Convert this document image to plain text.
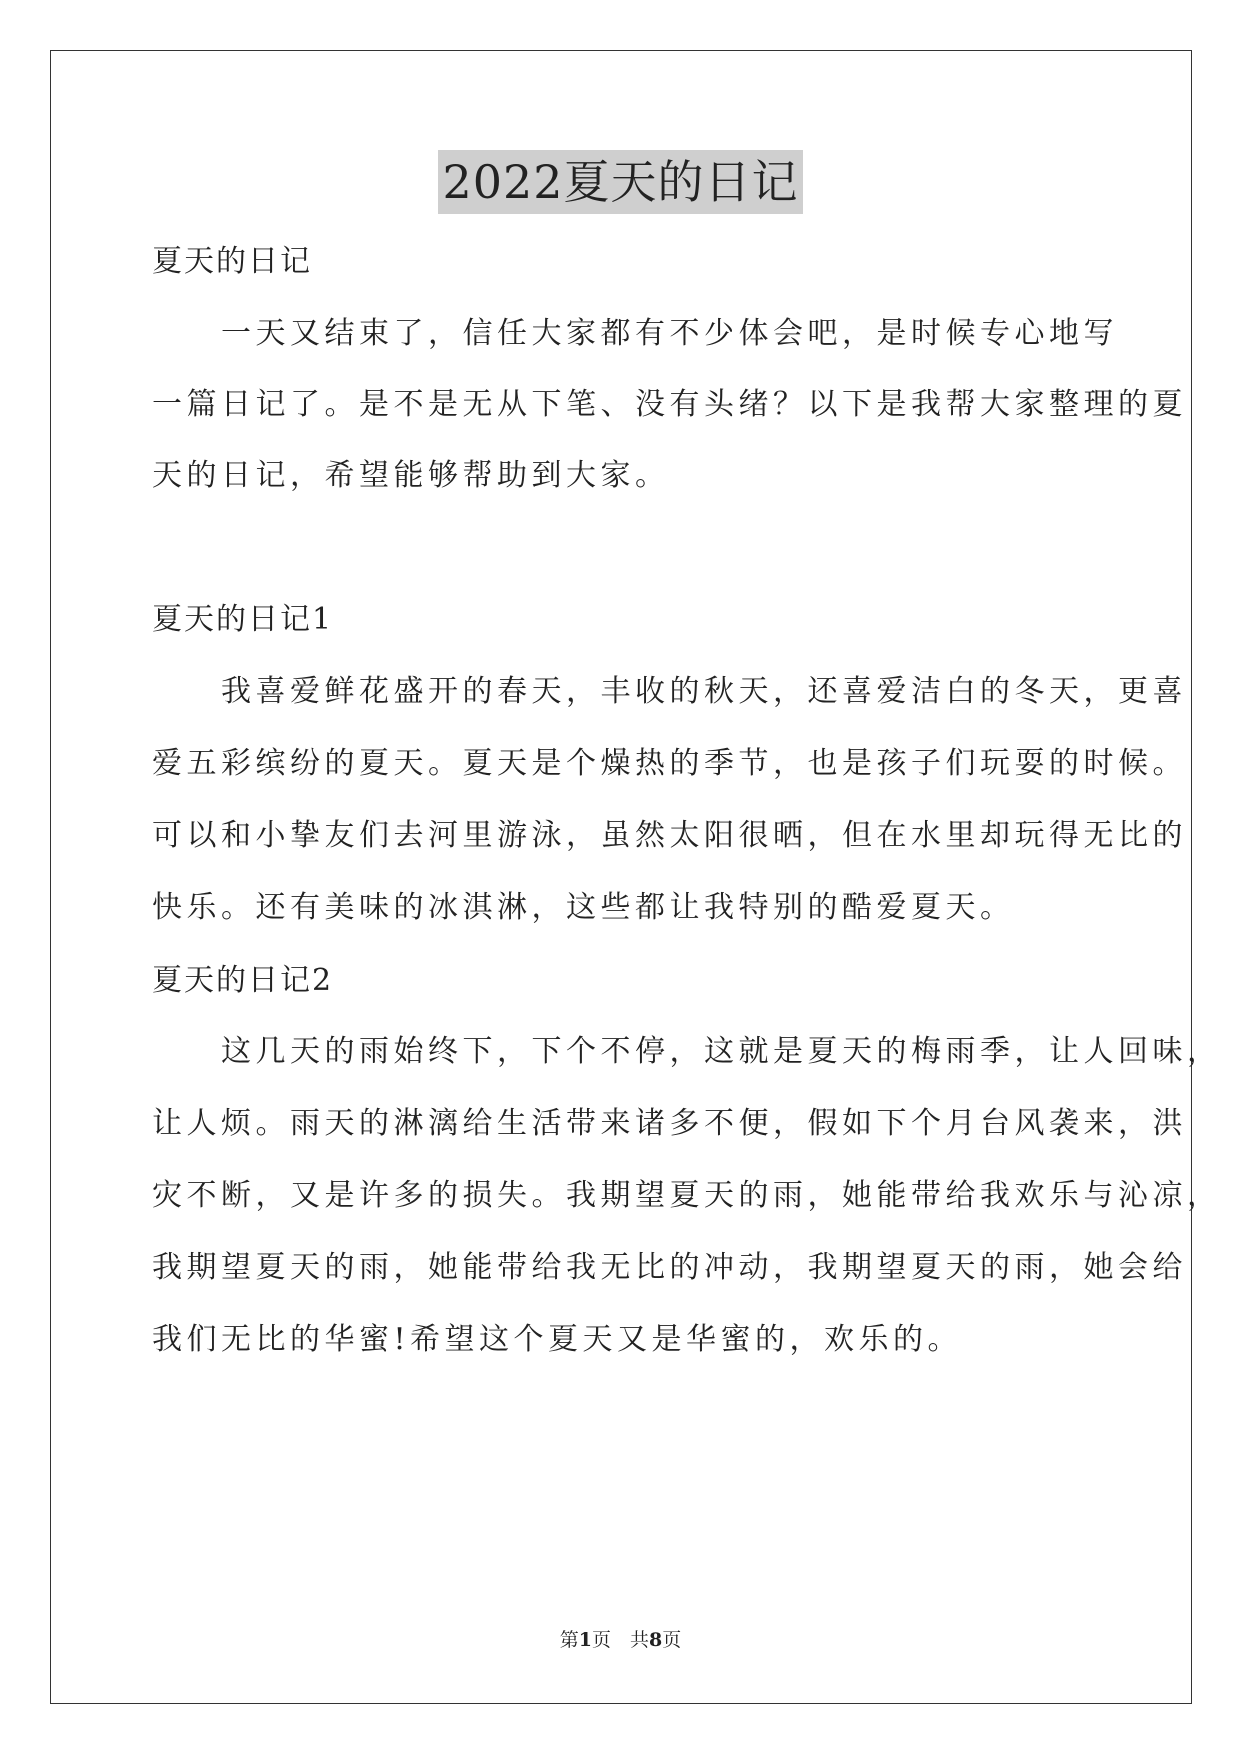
2022夏天的日记

夏天的日记

　　一天又结束了，信任大家都有不少体会吧，是时候专心地写

一篇日记了。是不是无从下笔、没有头绪？以下是我帮大家整理的夏

天的日记，希望能够帮助到大家。

夏天的日记1

　　我喜爱鲜花盛开的春天，丰收的秋天，还喜爱洁白的冬天，更喜

爱五彩缤纷的夏天。夏天是个燥热的季节，也是孩子们玩耍的时候。

可以和小挚友们去河里游泳，虽然太阳很晒，但在水里却玩得无比的

快乐。还有美味的冰淇淋，这些都让我特别的酷爱夏天。

夏天的日记2

　　这几天的雨始终下，下个不停，这就是夏天的梅雨季，让人回味，

让人烦。雨天的淋漓给生活带来诸多不便，假如下个月台风袭来，洪

灾不断，又是许多的损失。我期望夏天的雨，她能带给我欢乐与沁凉，

我期望夏天的雨，她能带给我无比的冲动，我期望夏天的雨，她会给

我们无比的华蜜!希望这个夏天又是华蜜的，欢乐的。

第1页　共8页
